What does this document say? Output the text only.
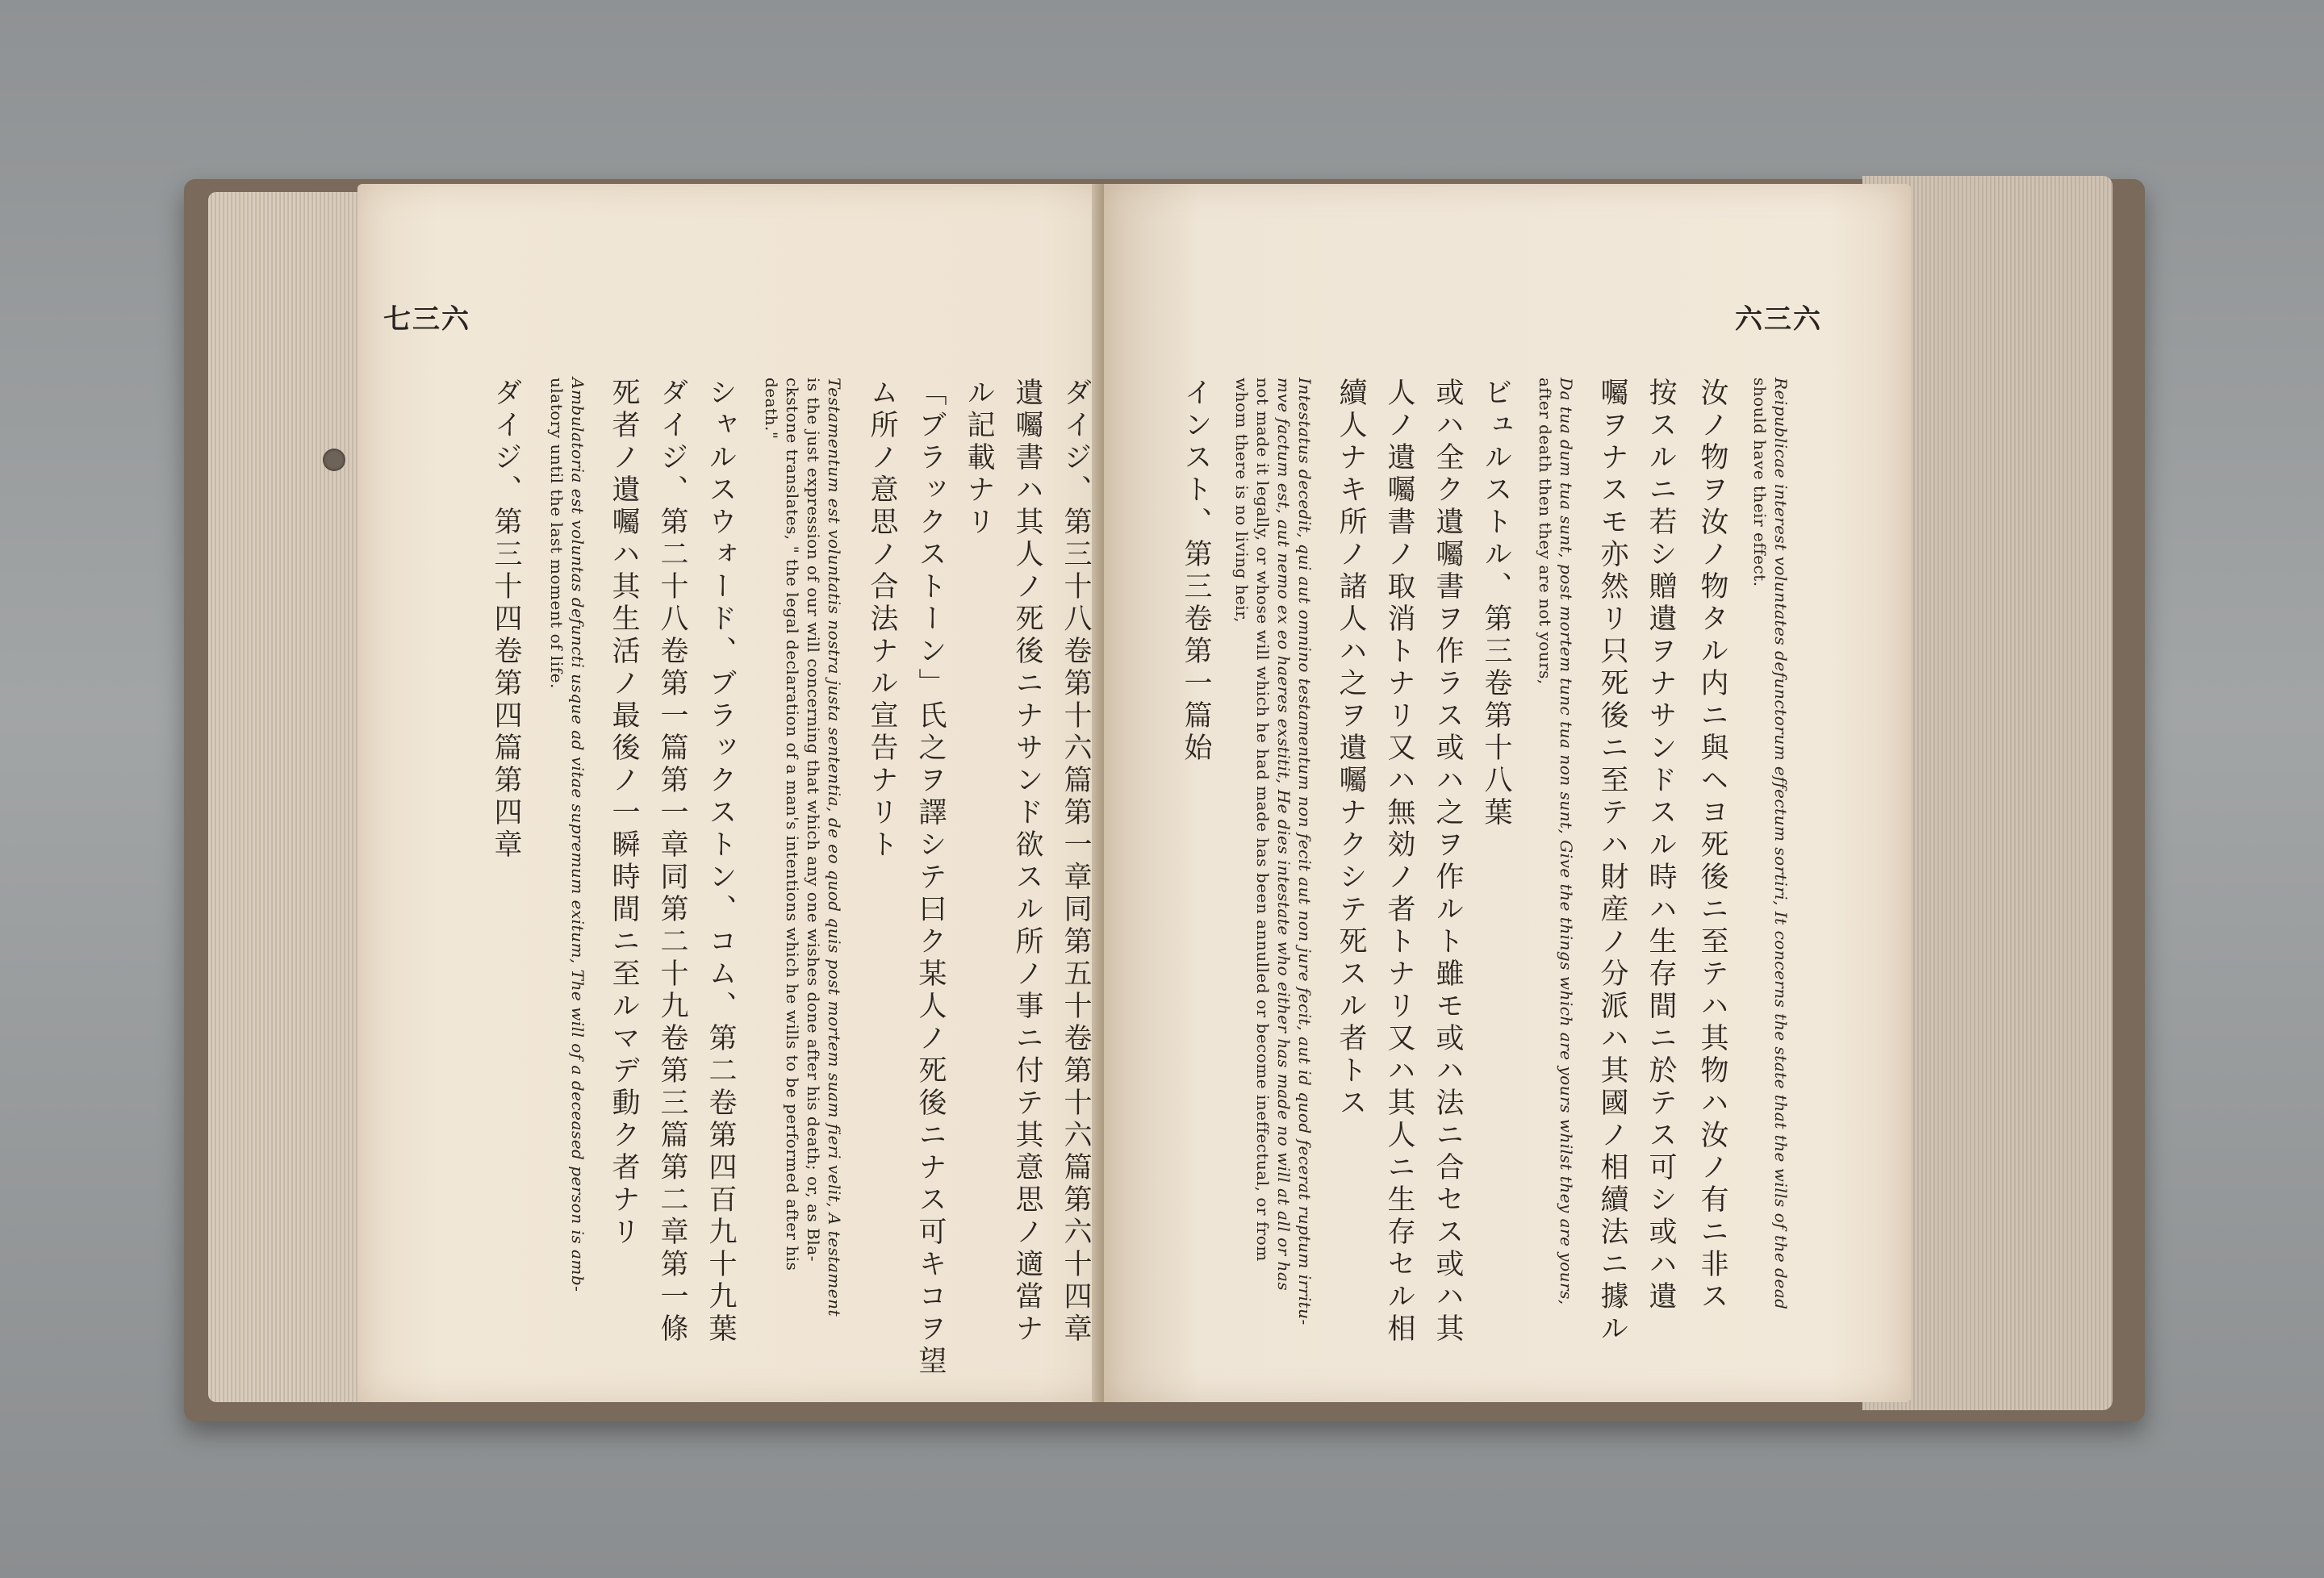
七三六
ダイジ、第三十八卷第十六篇第一章同第五十卷第十六篇第六十四章
遺囑書ハ其人ノ死後ニナサンド欲スル所ノ事ニ付テ其意思ノ適當ナ
ル記載ナリ
「ブラックストーン」氏之ヲ譯シテ曰ク某人ノ死後ニナス可キコヲ望
ム所ノ意思ノ合法ナル宣告ナリト
Testamentum est voluntatis nostra justa sententia, de eo quod quis post mortem suam fieri velit, A testament
is the just expression of our will concerning that which any one wishes done after his death; or, as Bla-
ckstone translates, " the legal declaration of a man's intentions which he wills to be performed after his
death."
シャルスウォード、ブラックストン、コム、第二卷第四百九十九葉
ダイジ、第二十八卷第一篇第一章同第二十九卷第三篇第二章第一條
死者ノ遺囑ハ其生活ノ最後ノ一瞬時間ニ至ルマデ動ク者ナリ
Ambulatoria est voluntas defuncti usque ad vitae supremum exitum, The will of a deceased person is amb-
ulatory until the last moment of life.
ダイジ、第三十四卷第四篇第四章
六三六
Reipublicae interest voluntates defunctorum effectum sortiri, It concerns the state that the wills of the dead
should have their effect.
汝ノ物ヲ汝ノ物タル内ニ與ヘヨ死後ニ至テハ其物ハ汝ノ有ニ非ス
按スルニ若シ贈遺ヲナサンドスル時ハ生存間ニ於テス可シ或ハ遺
囑ヲナスモ亦然リ只死後ニ至テハ財産ノ分派ハ其國ノ相續法ニ據ル
Da tua dum tua sunt, post mortem tunc tua non sunt, Give the things which are yours whilst they are yours,
after death then they are not yours,
ビュルストル、第三卷第十八葉
或ハ全ク遺囑書ヲ作ラス或ハ之ヲ作ルト雖モ或ハ法ニ合セス或ハ其
人ノ遺囑書ノ取消トナリ又ハ無効ノ者トナリ又ハ其人ニ生存セル相
續人ナキ所ノ諸人ハ之ヲ遺囑ナクシテ死スル者トス
Intestatus decedit, qui aut omnino testamentum non fecit aut non jure fecit, aut id quod fecerat ruptum irritu-
mve factum est, aut nemo ex eo haeres exstitit, He dies intestate who either has made no will at all or has
not made it legally, or whose will which he had made has been annulled or become ineffectual, or from
whom there is no living heir,
インスト、第三卷第一篇始
